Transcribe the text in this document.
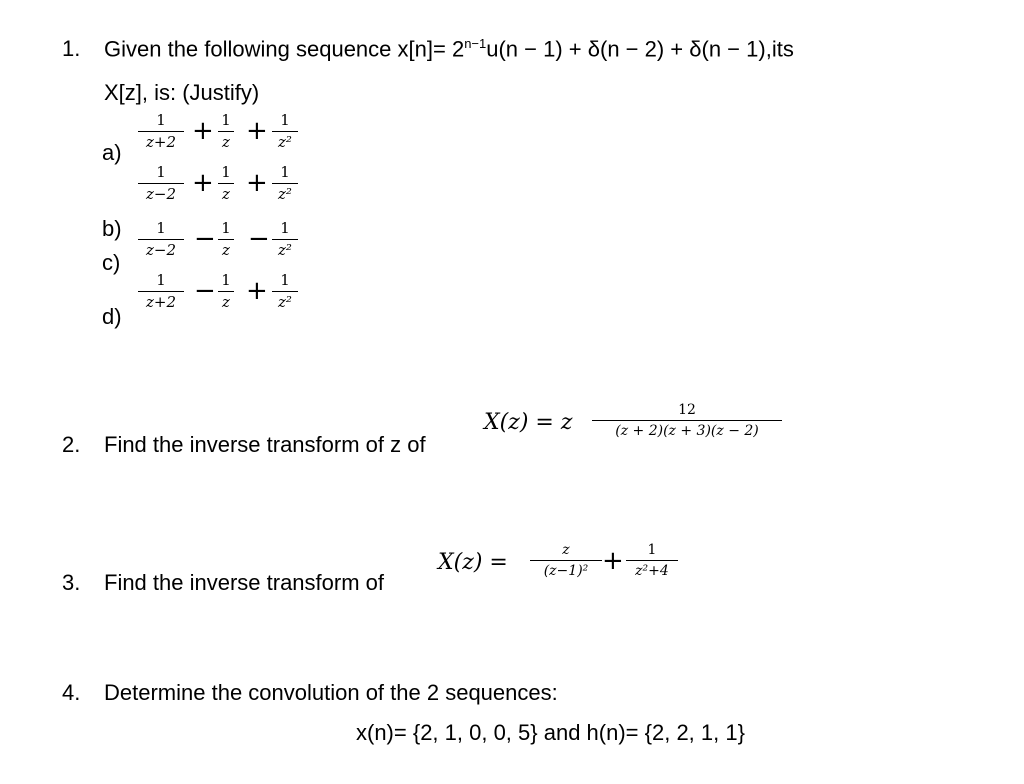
1. Given the following sequence $x[n]= 2^{n-1}u(n - 1) + \delta(n - 2) + \delta(n - 1),its$
X[z], is: (Justify)
a)
1
z+2 + 1
z + 1
z²
1
z−2 + 1
z + 1
z²
b)
c)
1
z−2 − 1
z − 1
z²
d)
1
z+2 − 1
z + 1
z²
2. Find the inverse transform of z of
X(z) = z	12
(z + 2)(z + 3)(z − 2)
3. Find the inverse transform of
X(z) =	z
(z−1)² +	1
z²+4
4. Determine the convolution of the 2 sequences:
x(n)= {2, 1, 0, 0, 5} and h(n)= {2, 2, 1, 1}
